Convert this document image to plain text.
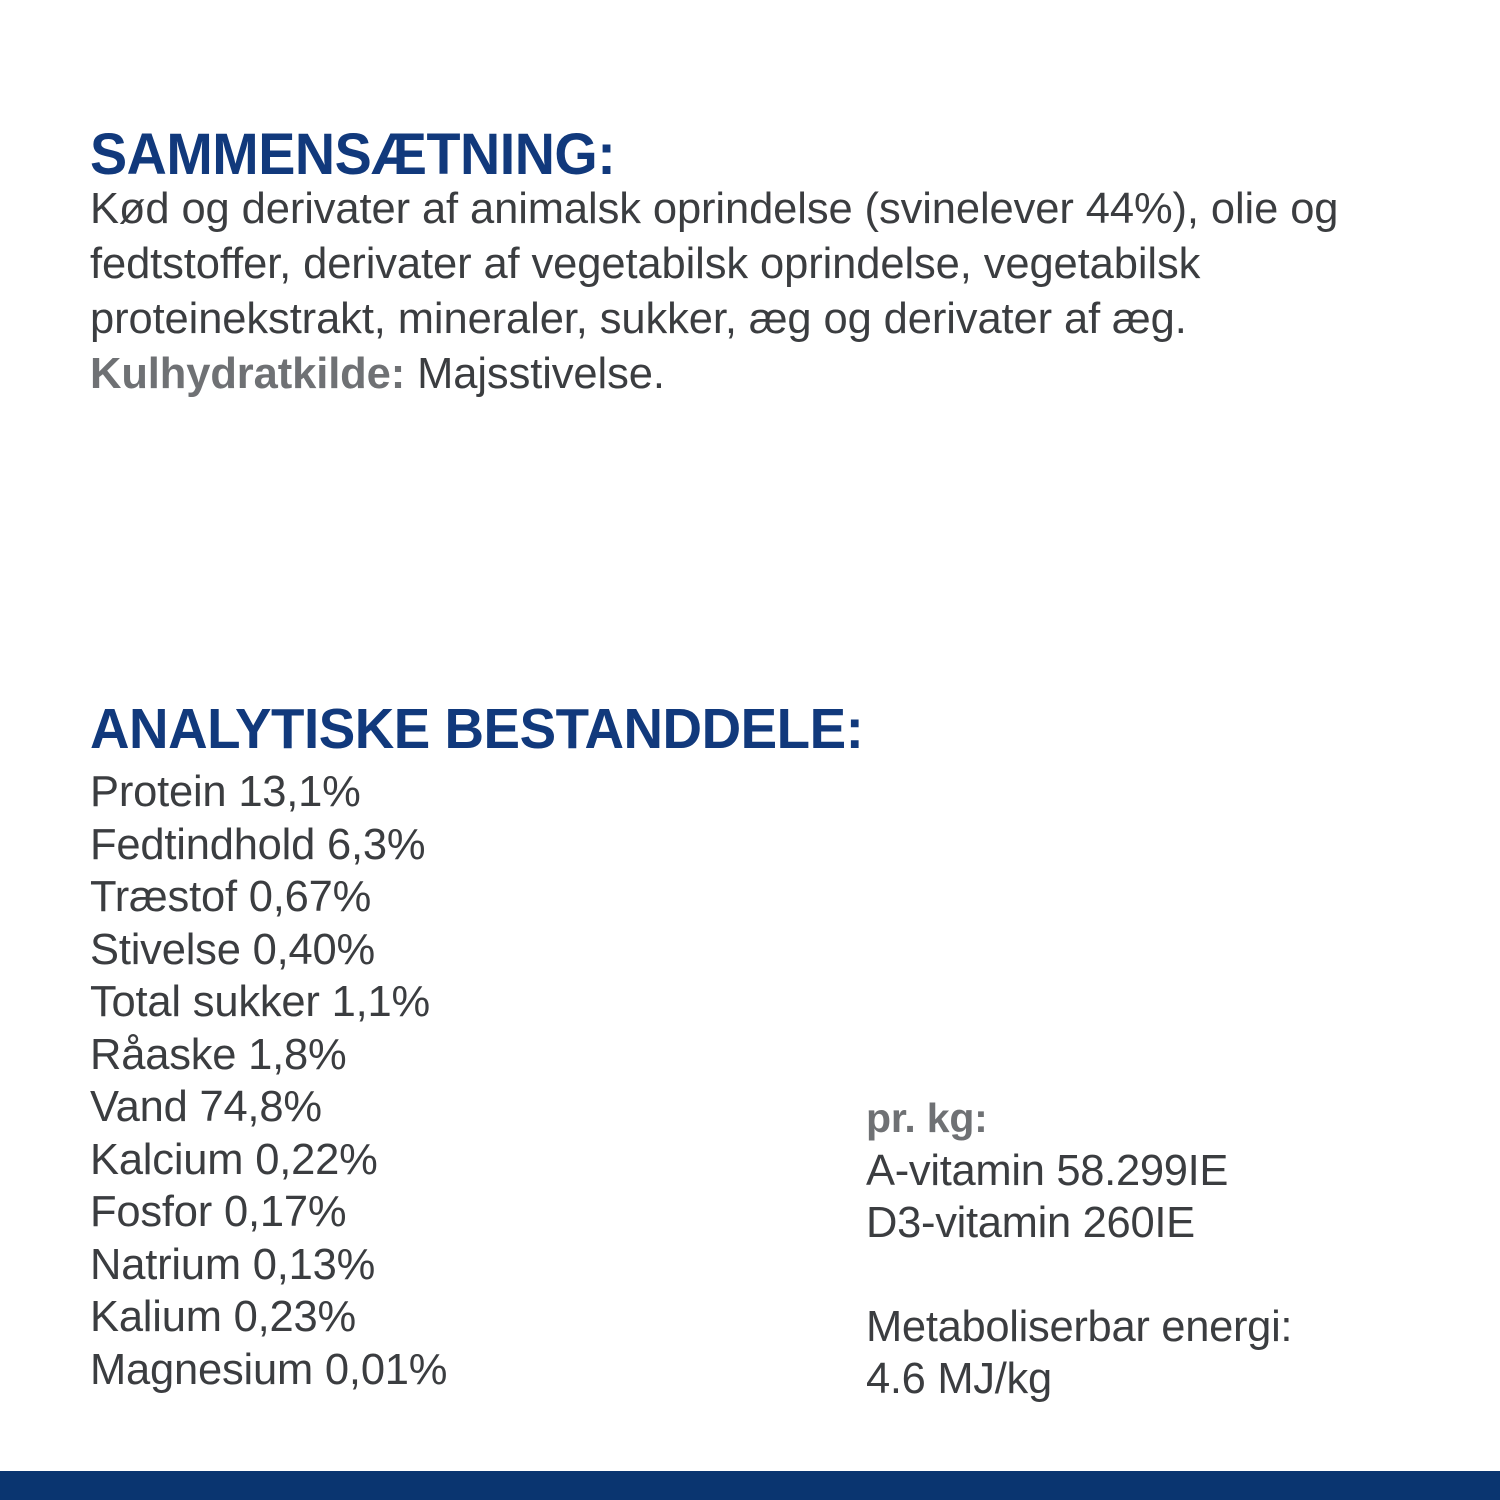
SAMMENSÆTNING:
Kød og derivater af animalsk oprindelse (svinelever 44%), olie og fedtstoffer, derivater af vegetabilsk oprindelse, vegetabilsk proteinekstrakt, mineraler, sukker, æg og derivater af æg.
Kulhydratkilde: Majsstivelse.
ANALYTISKE BESTANDDELE:
Protein 13,1%
Fedtindhold 6,3%
Træstof 0,67%
Stivelse 0,40%
Total sukker 1,1%
Råaske 1,8%
Vand 74,8%
Kalcium 0,22%
Fosfor 0,17%
Natrium 0,13%
Kalium 0,23%
Magnesium 0,01%
pr. kg:
A-vitamin 58.299IE
D3-vitamin 260IE
Metaboliserbar energi: 4.6 MJ/kg
